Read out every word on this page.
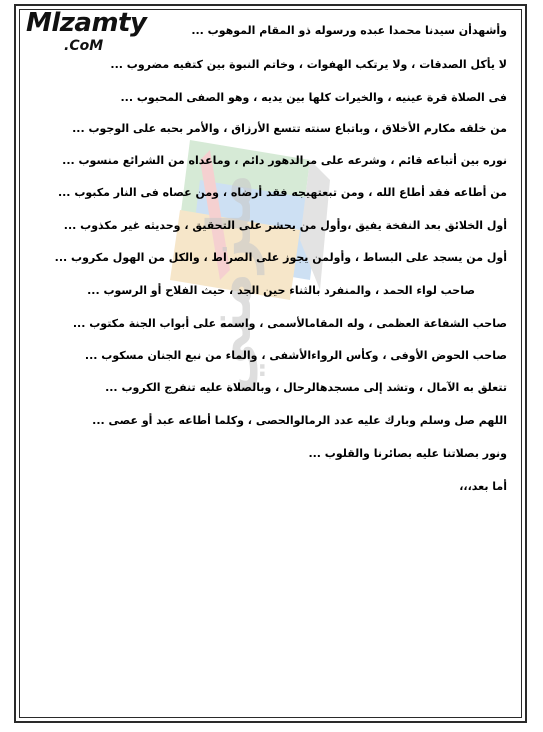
ملزمتي
Mlzamty
.CoM
وأشهدأن سيدنا محمدا عبده ورسوله ذو المقام الموهوب ...
لا يأكل الصدقات ، ولا يرتكب الهفوات ، وخاتم النبوة بين كتفيه مضروب ...
فى الصلاة قرة عينيه ، والخيرات كلها بين يديه ، وهو الصفى المحبوب ...
من خلقه مكارم الأخلاق ، وباتباع سنته تتسع الأرزاق ، والأمر بحبه على الوجوب ...
نوره بين أتباعه قائم ، وشرعه على مرالدهور دائم ، وماعداه من الشرائع منسوب ...
من أطاعه فقد أطاع الله ، ومن تبعتهيجه فقد أرضاه ، ومن عصاه فى النار مكبوب ...
أول الخلائق بعد النفخة يفيق ،وأول من يحشر على التحقيق ، وحديثه غير مكذوب ...
أول من يسجد على البساط ، وأولمن يجوز على الصراط ، والكل من الهول مكروب ...
صاحب لواء الحمد ، والمنفرد بالثناء حين الجد ، حيث الفلاح أو الرسوب ...
صاحب الشفاعة العظمى ، وله المقامالأسمى ، واسمه على أبواب الجنة مكتوب ...
صاحب الحوض الأوفى ، وكأس الرواءالأشفى ، والماء من نبع الجنان مسكوب ...
تتعلق به الآمال ، وتشد إلى مسجدهالرحال ، وبالصلاة عليه تنفرج الكروب ...
اللهم صل وسلم وبارك عليه عدد الرمالوالحصى ، وكلما أطاعه عبد أو عصى ...
ونور بصلاتنا عليه بصائرنا والقلوب ...
أما بعد،،،
